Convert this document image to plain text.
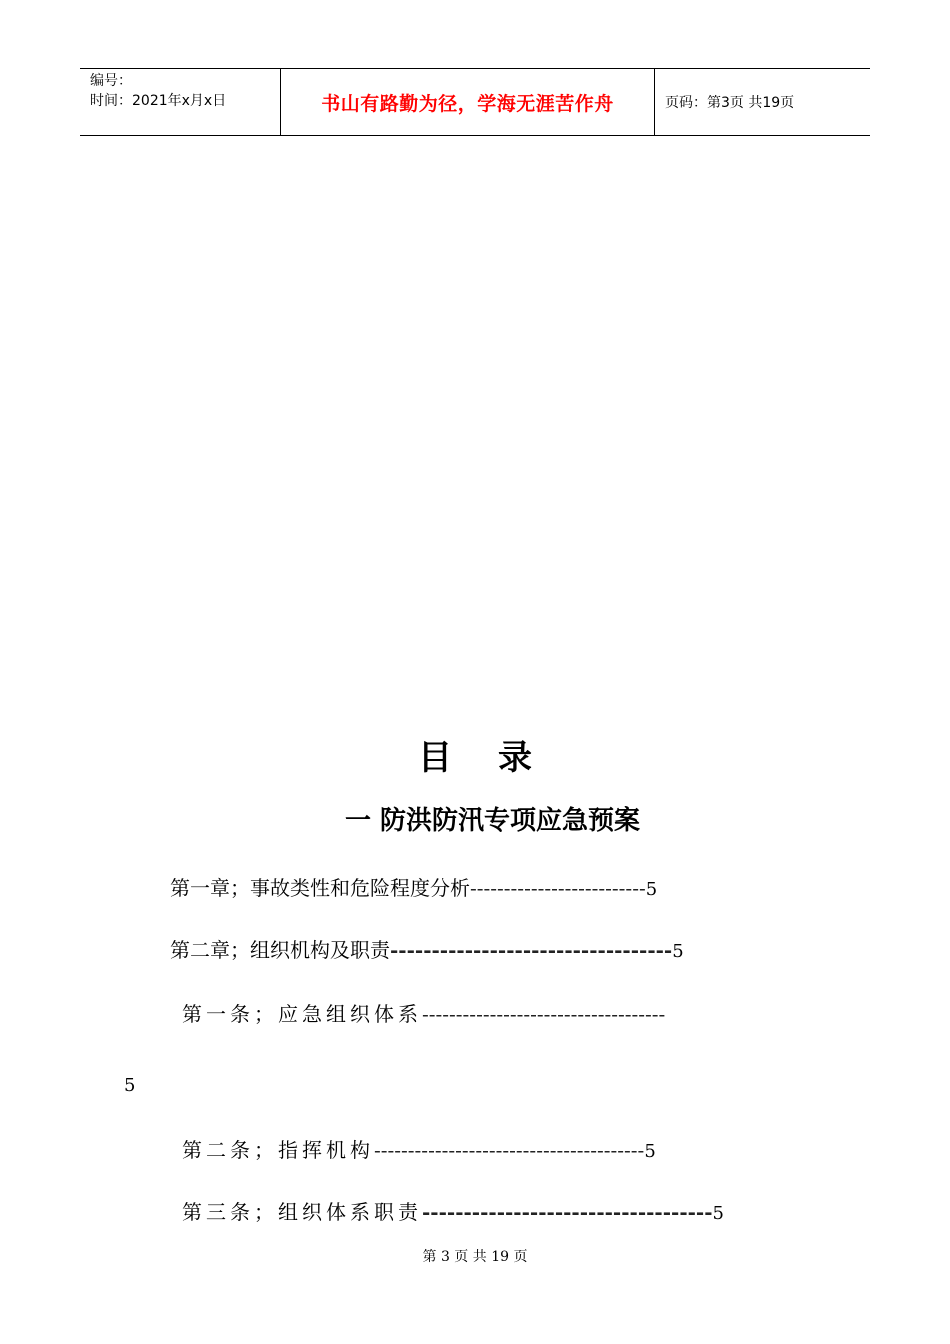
编号：
时间：2021年x月x日	书山有路勤为径，学海无涯苦作舟	页码：第3页 共19页
目 录
一 防洪防汛专项应急预案
第一章；事故类性和危险程度分析--------------------------5
第二章；组织机构及职责----------------------------------5
第一条；应急组织体系------------------------------------
5
第二条；指挥机构----------------------------------------5
第三条；组织体系职责-----------------------------------5
第 3 页 共 19 页
